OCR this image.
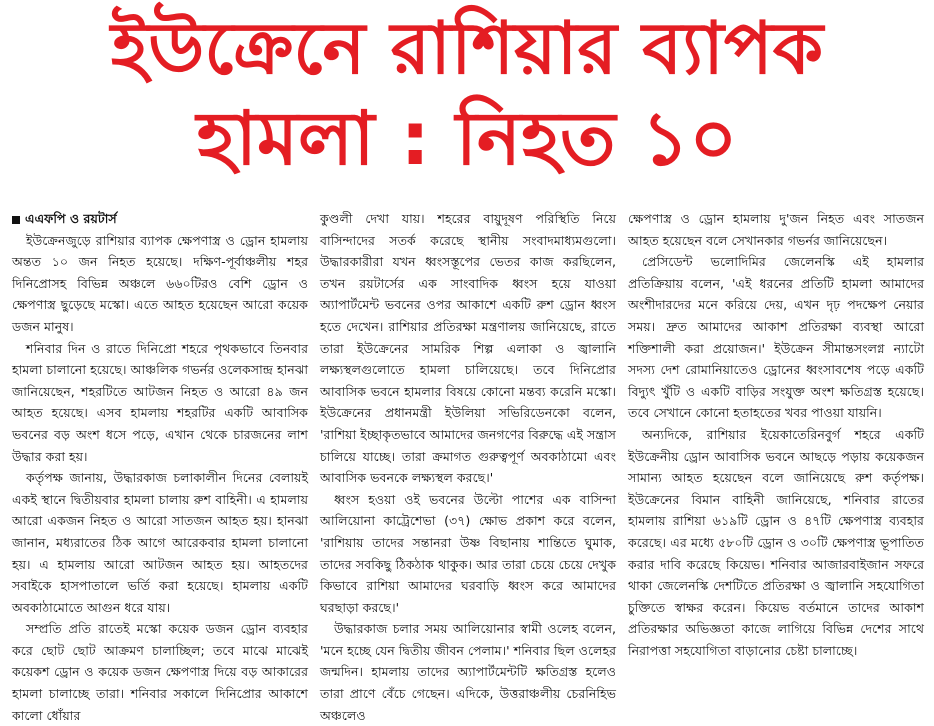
ইউক্রেনে রাশিয়ার ব্যাপক
হামলা : নিহত ১০

এএফপি ও রয়টার্স

ইউক্রেনজুড়ে রাশিয়ার ব্যাপক ক্ষেপণাস্ত্র ও ড্রোন হামলায় অন্তত ১০ জন নিহত হয়েছে। দক্ষিণ-পূর্বাঞ্চলীয় শহর দিনিপ্রোসহ বিভিন্ন অঞ্চলে ৬৬০টিরও বেশি ড্রোন ও ক্ষেপণাস্ত্র ছুড়েছে মস্কো। এতে আহত হয়েছেন আরো কয়েক ডজন মানুষ।

শনিবার দিন ও রাতে দিনিপ্রো শহরে পৃথকভাবে তিনবার হামলা চালানো হয়েছে। আঞ্চলিক গভর্নর ওলেকসান্দ্র হানঝা জানিয়েছেন, শহরটিতে আটজন নিহত ও আরো ৪৯ জন আহত হয়েছে। এসব হামলায় শহরটির একটি আবাসিক ভবনের বড় অংশ ধসে পড়ে, এখান থেকে চারজনের লাশ উদ্ধার করা হয়।

কর্তৃপক্ষ জানায়, উদ্ধারকাজ চলাকালীন দিনের বেলায়ই একই স্থানে দ্বিতীয়বার হামলা চালায় রুশ বাহিনী। এ হামলায় আরো একজন নিহত ও আরো সাতজন আহত হয়। হানঝা জানান, মধ্যরাতের ঠিক আগে আরেকবার হামলা চালানো হয়। এ হামলায় আরো আটজন আহত হয়। আহতদের সবাইকে হাসপাতালে ভর্তি করা হয়েছে। হামলায় একটি অবকাঠামোতে আগুন ধরে যায়।

সম্প্রতি প্রতি রাতেই মস্কো কয়েক ডজন ড্রোন ব্যবহার করে ছোট ছোট আক্রমণ চালাচ্ছিল; তবে মাঝে মাঝেই কয়েকশ ড্রোন ও কয়েক ডজন ক্ষেপণাস্ত্র দিয়ে বড় আকারের হামলা চালাচ্ছে তারা। শনিবার সকালে দিনিপ্রোর আকাশে কালো ধোঁয়ার

কুণ্ডলী দেখা যায়। শহরের বায়ুদূষণ পরিস্থিতি নিয়ে বাসিন্দাদের সতর্ক করেছে স্থানীয় সংবাদমাধ্যমগুলো। উদ্ধারকারীরা যখন ধ্বংসস্তূপের ভেতর কাজ করছিলেন, তখন রয়টার্সের এক সাংবাদিক ধ্বংস হয়ে যাওয়া অ্যাপার্টমেন্ট ভবনের ওপর আকাশে একটি রুশ ড্রোন ধ্বংস হতে দেখেন। রাশিয়ার প্রতিরক্ষা মন্ত্রণালয় জানিয়েছে, রাতে তারা ইউক্রেনের সামরিক শিল্প এলাকা ও জ্বালানি লক্ষ্যস্থলগুলোতে হামলা চালিয়েছে। তবে দিনিপ্রোর আবাসিক ভবনে হামলার বিষয়ে কোনো মন্তব্য করেনি মস্কো। ইউক্রেনের প্রধানমন্ত্রী ইউলিয়া সভিরিডেনকো বলেন, 'রাশিয়া ইচ্ছাকৃতভাবে আমাদের জনগণের বিরুদ্ধে এই সন্ত্রাস চালিয়ে যাচ্ছে। তারা ক্রমাগত গুরুত্বপূর্ণ অবকাঠামো এবং আবাসিক ভবনকে লক্ষ্যস্থল করছে।'

ধ্বংস হওয়া ওই ভবনের উল্টো পাশের এক বাসিন্দা আলিয়োনা কাট্রেশেভা (৩৭) ক্ষোভ প্রকাশ করে বলেন, 'রাশিয়ায় তাদের সন্তানরা উষ্ণ বিছানায় শান্তিতে ঘুমাক, তাদের সবকিছু ঠিকঠাক থাকুক। আর তারা চেয়ে চেয়ে দেখুক কিভাবে রাশিয়া আমাদের ঘরবাড়ি ধ্বংস করে আমাদের ঘরছাড়া করছে।'

উদ্ধারকাজ চলার সময় আলিয়োনার স্বামী ওলেহ বলেন, 'মনে হচ্ছে যেন দ্বিতীয় জীবন পেলাম।' শনিবার ছিল ওলেহর জন্মদিন। হামলায় তাদের অ্যাপার্টমেন্টটি ক্ষতিগ্রস্ত হলেও তারা প্রাণে বেঁচে গেছেন। এদিকে, উত্তরাঞ্চলীয় চেরনিহিভ অঞ্চলেও

ক্ষেপণাস্ত্র ও ড্রোন হামলায় দু'জন নিহত এবং সাতজন আহত হয়েছেন বলে সেখানকার গভর্নর জানিয়েছেন।

প্রেসিডেন্ট ভলোদিমির জেলেনস্কি এই হামলার প্রতিক্রিয়ায় বলেন, 'এই ধরনের প্রতিটি হামলা আমাদের অংশীদারদের মনে করিয়ে দেয়, এখন দৃঢ় পদক্ষেপ নেয়ার সময়। দ্রুত আমাদের আকাশ প্রতিরক্ষা ব্যবস্থা আরো শক্তিশালী করা প্রয়োজন।' ইউক্রেন সীমান্তসংলগ্ন ন্যাটো সদস্য দেশ রোমানিয়াতেও ড্রোনের ধ্বংসাবশেষ পড়ে একটি বিদ্যুৎ খুঁটি ও একটি বাড়ির সংযুক্ত অংশ ক্ষতিগ্রস্ত হয়েছে। তবে সেখানে কোনো হতাহতের খবর পাওয়া যায়নি।

অন্যদিকে, রাশিয়ার ইয়েকাতেরিনবুর্গ শহরে একটি ইউক্রেনীয় ড্রোন আবাসিক ভবনে আছড়ে পড়ায় কয়েকজন সামান্য আহত হয়েছেন বলে জানিয়েছে রুশ কর্তৃপক্ষ। ইউক্রেনের বিমান বাহিনী জানিয়েছে, শনিবার রাতের হামলায় রাশিয়া ৬১৯টি ড্রোন ও ৪৭টি ক্ষেপণাস্ত্র ব্যবহার করেছে। এর মধ্যে ৫৮০টি ড্রোন ও ৩০টি ক্ষেপণাস্ত্র ভূপাতিত করার দাবি করেছে কিয়েভ। শনিবার আজারবাইজান সফরে থাকা জেলেনস্কি দেশটিতে প্রতিরক্ষা ও জ্বালানি সহযোগিতা চুক্তিতে স্বাক্ষর করেন। কিয়েভ বর্তমানে তাদের আকাশ প্রতিরক্ষার অভিজ্ঞতা কাজে লাগিয়ে বিভিন্ন দেশের সাথে নিরাপত্তা সহযোগিতা বাড়ানোর চেষ্টা চালাচ্ছে।
